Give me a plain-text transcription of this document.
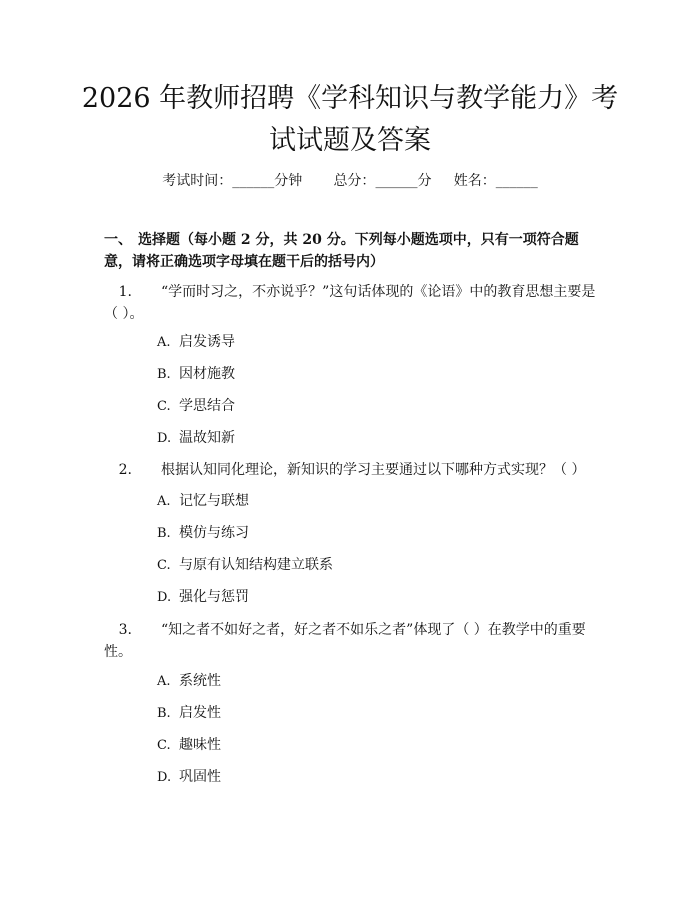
2026 年教师招聘《学科知识与教学能力》考
试试题及答案
考试时间：______分钟 总分：______分 姓名：______
一、 选择题（每小题 2 分，共 20 分。下列每小题选项中，只有一项符合题意，请将正确选项字母填在题干后的括号内）
1. “学而时习之，不亦说乎？”这句话体现的《论语》中的教育思想主要是（ ）。
A. 启发诱导
B. 因材施教
C. 学思结合
D. 温故知新
2. 根据认知同化理论，新知识的学习主要通过以下哪种方式实现？（ ）
A. 记忆与联想
B. 模仿与练习
C. 与原有认知结构建立联系
D. 强化与惩罚
3. “知之者不如好之者，好之者不如乐之者”体现了（ ）在教学中的重要性。
A. 系统性
B. 启发性
C. 趣味性
D. 巩固性
